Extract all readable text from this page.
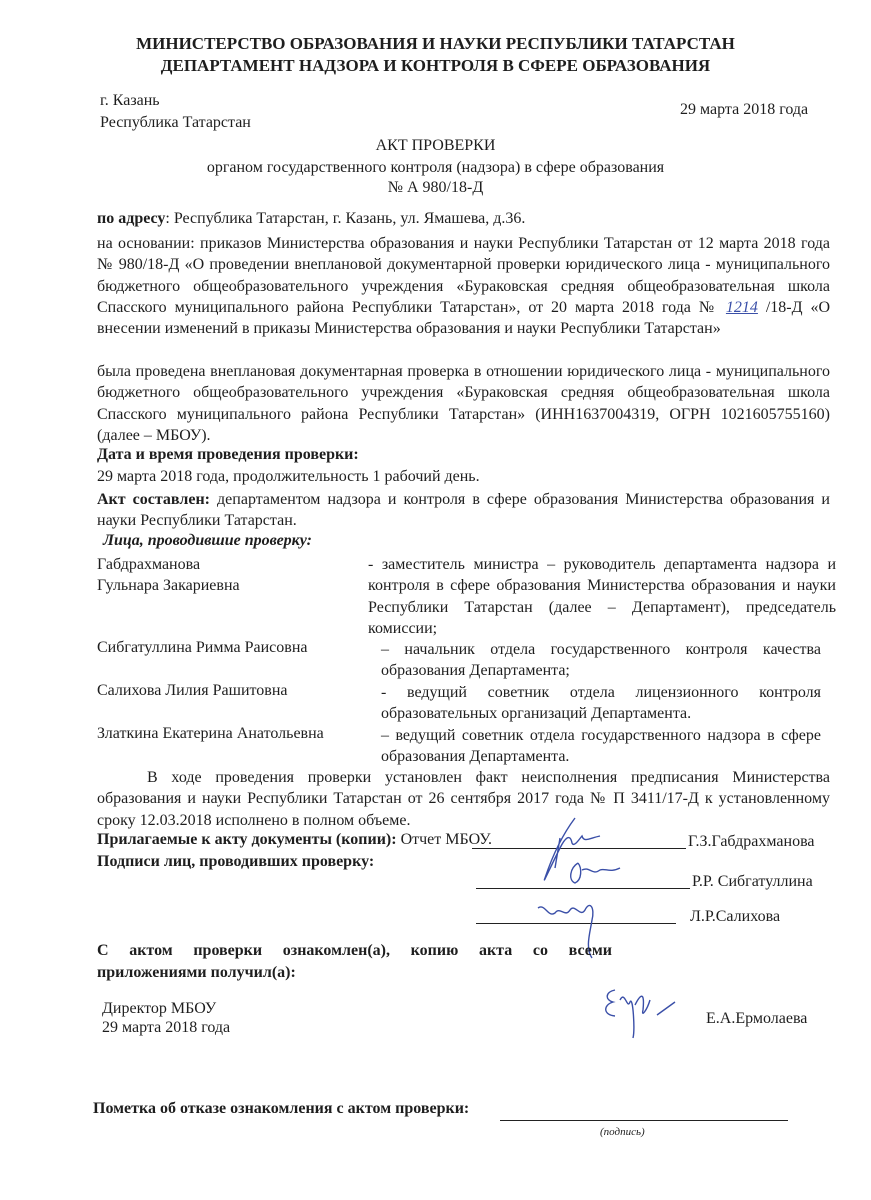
МИНИСТЕРСТВО ОБРАЗОВАНИЯ И НАУКИ РЕСПУБЛИКИ ТАТАРСТАН
ДЕПАРТАМЕНТ НАДЗОРА И КОНТРОЛЯ В СФЕРЕ ОБРАЗОВАНИЯ
г. Казань
Республика Татарстан
29 марта 2018 года
АКТ ПРОВЕРКИ
органом государственного контроля (надзора) в сфере образования
№ А 980/18-Д
по адресу: Республика Татарстан, г. Казань, ул. Ямашева, д.36.
на основании: приказов Министерства образования и науки Республики Татарстан от 12 марта 2018 года № 980/18-Д «О проведении внеплановой документарной проверки юридического лица - муниципального бюджетного общеобразовательного учреждения «Бураковская средняя общеобразовательная школа Спасского муниципального района Республики Татарстан», от 20 марта 2018 года № 1214 /18-Д «О внесении изменений в приказы Министерства образования и науки Республики Татарстан»
была проведена внеплановая документарная проверка в отношении юридического лица - муниципального бюджетного общеобразовательного учреждения «Бураковская средняя общеобразовательная школа Спасского муниципального района Республики Татарстан» (ИНН1637004319, ОГРН 1021605755160) (далее – МБОУ).
Дата и время проведения проверки:
29 марта 2018 года, продолжительность 1 рабочий день.
Акт составлен: департаментом надзора и контроля в сфере образования Министерства образования и науки Республики Татарстан.
Лица, проводившие проверку:
Габдрахманова
Гульнара Закариевна
- заместитель министра – руководитель департамента надзора и контроля в сфере образования Министерства образования и науки Республики Татарстан (далее – Департамент), председатель комиссии;
Сибгатуллина Римма Раисовна	– начальник отдела государственного контроля качества образования Департамента;
Салихова Лилия Рашитовна	- ведущий советник отдела лицензионного контроля образовательных организаций Департамента.
Златкина Екатерина Анатольевна	– ведущий советник отдела государственного надзора в сфере образования Департамента.
В ходе проведения проверки установлен факт неисполнения предписания Министерства образования и науки Республики Татарстан от 26 сентября 2017 года № П 3411/17-Д к установленному сроку 12.03.2018 исполнено в полном объеме.
Прилагаемые к акту документы (копии): Отчет МБОУ.
Подписи лиц, проводивших проверку:
Г.З.Габдрахманова
Р.Р. Сибгатуллина
Л.Р.Салихова
С актом проверки ознакомлен(а), копию акта со всеми
приложениями получил(а):
Директор МБОУ
29 марта 2018 года
Е.А.Ермолаева
Пометка об отказе ознакомления с актом проверки:
(подпись)
